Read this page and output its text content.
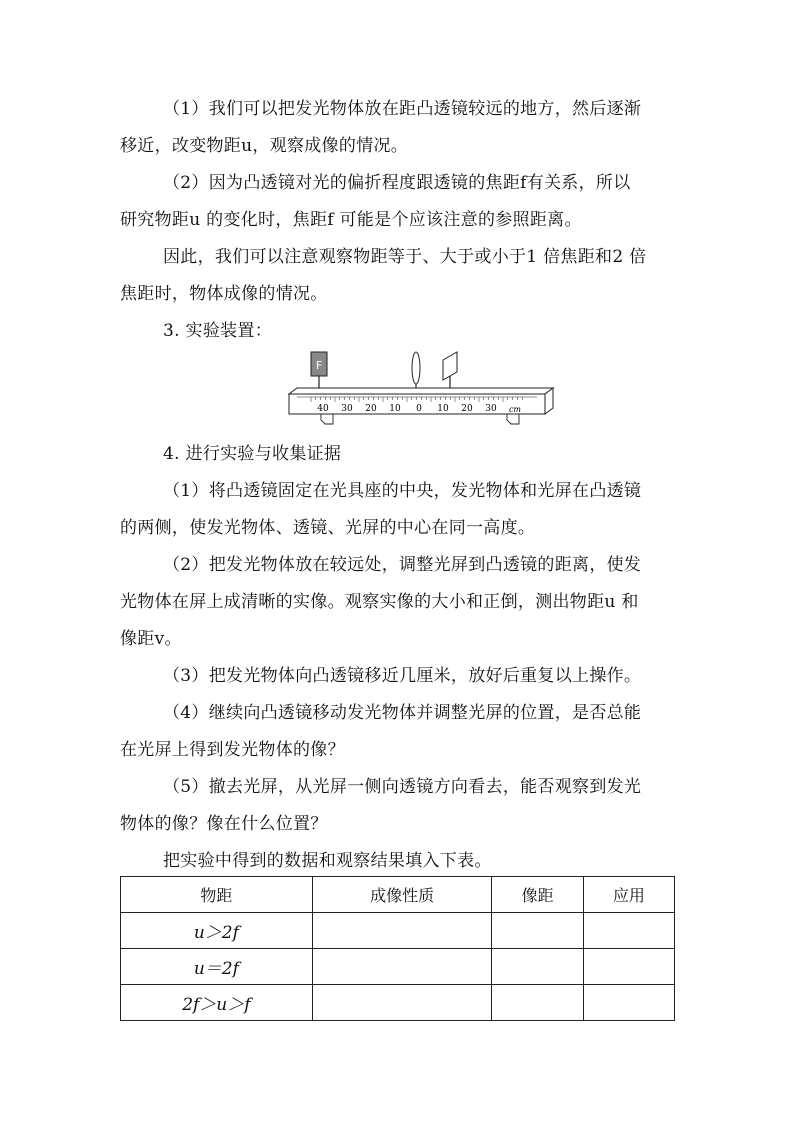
（1）我们可以把发光物体放在距凸透镜较远的地方，然后逐渐
移近，改变物距u，观察成像的情况。
（2）因为凸透镜对光的偏折程度跟透镜的焦距f有关系，所以
研究物距u 的变化时，焦距f 可能是个应该注意的参照距离。
因此，我们可以注意观察物距等于、大于或小于1 倍焦距和2 倍
焦距时，物体成像的情况。
3. 实验装置：
F
40 30 20 10 0 10 20 30 cm
4. 进行实验与收集证据
（1）将凸透镜固定在光具座的中央，发光物体和光屏在凸透镜
的两侧，使发光物体、透镜、光屏的中心在同一高度。
（2）把发光物体放在较远处，调整光屏到凸透镜的距离，使发
光物体在屏上成清晰的实像。观察实像的大小和正倒，测出物距u 和
像距v。
（3）把发光物体向凸透镜移近几厘米，放好后重复以上操作。
（4）继续向凸透镜移动发光物体并调整光屏的位置，是否总能
在光屏上得到发光物体的像？
（5）撤去光屏，从光屏一侧向透镜方向看去，能否观察到发光
物体的像？像在什么位置？
把实验中得到的数据和观察结果填入下表。
物距	成像性质	像距	应用
u＞2f			
u＝2f			
2f＞u＞f			
